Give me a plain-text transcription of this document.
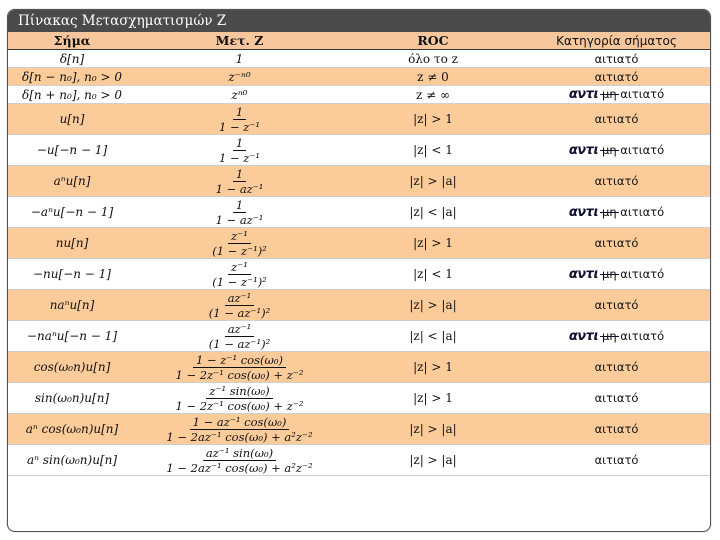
Πίνακας Μετασχηματισμών Ζ
Σήμα	Μετ. Ζ	ROC	Κατηγορία σήματος
δ[n]	1	όλο το z	αιτιατό
δ[n − n₀], n₀ > 0	z⁻ⁿ⁰	z ≠ 0	αιτιατό
δ[n + n₀], n₀ > 0	zⁿ⁰	z ≠ ∞	αντι μη αιτιατό
u[n]	$\frac{1}{\text{1 − z⁻¹}}$	|z| > 1	αιτιατό
−u[−n − 1]	$\frac{1}{\text{1 − z⁻¹}}$	|z| < 1	αντι μη αιτιατό
aⁿu[n]	$\frac{1}{\text{1 − az⁻¹}}$	|z| > |a|	αιτιατό
−aⁿu[−n − 1]	$\frac{1}{\text{1 − az⁻¹}}$	|z| < |a|	αντι μη αιτιατό
nu[n]	$\frac{\text{z⁻¹}}{\text{(1 − z⁻¹)²}}$	|z| > 1	αιτιατό
−nu[−n − 1]	$\frac{\text{z⁻¹}}{\text{(1 − z⁻¹)²}}$	|z| < 1	αντι μη αιτιατό
naⁿu[n]	$\frac{\text{az⁻¹}}{\text{(1 − az⁻¹)²}}$	|z| > |a|	αιτιατό
−naⁿu[−n − 1]	$\frac{\text{az⁻¹}}{\text{(1 − az⁻¹)²}}$	|z| < |a|	αντι μη αιτιατό
cos(ω₀n)u[n]	$\frac{\text{1 − z⁻¹ cos(ω₀)}}{\text{1 − 2z⁻¹ cos(ω₀) + z⁻²}}$	|z| > 1	αιτιατό
sin(ω₀n)u[n]	$\frac{\text{z⁻¹ sin(ω₀)}}{\text{1 − 2z⁻¹ cos(ω₀) + z⁻²}}$	|z| > 1	αιτιατό
aⁿ cos(ω₀n)u[n]	$\frac{\text{1 − az⁻¹ cos(ω₀)}}{\text{1 − 2az⁻¹ cos(ω₀) + a²z⁻²}}$	|z| > |a|	αιτιατό
aⁿ sin(ω₀n)u[n]	$\frac{\text{az⁻¹ sin(ω₀)}}{\text{1 − 2az⁻¹ cos(ω₀) + a²z⁻²}}$	|z| > |a|	αιτιατό
